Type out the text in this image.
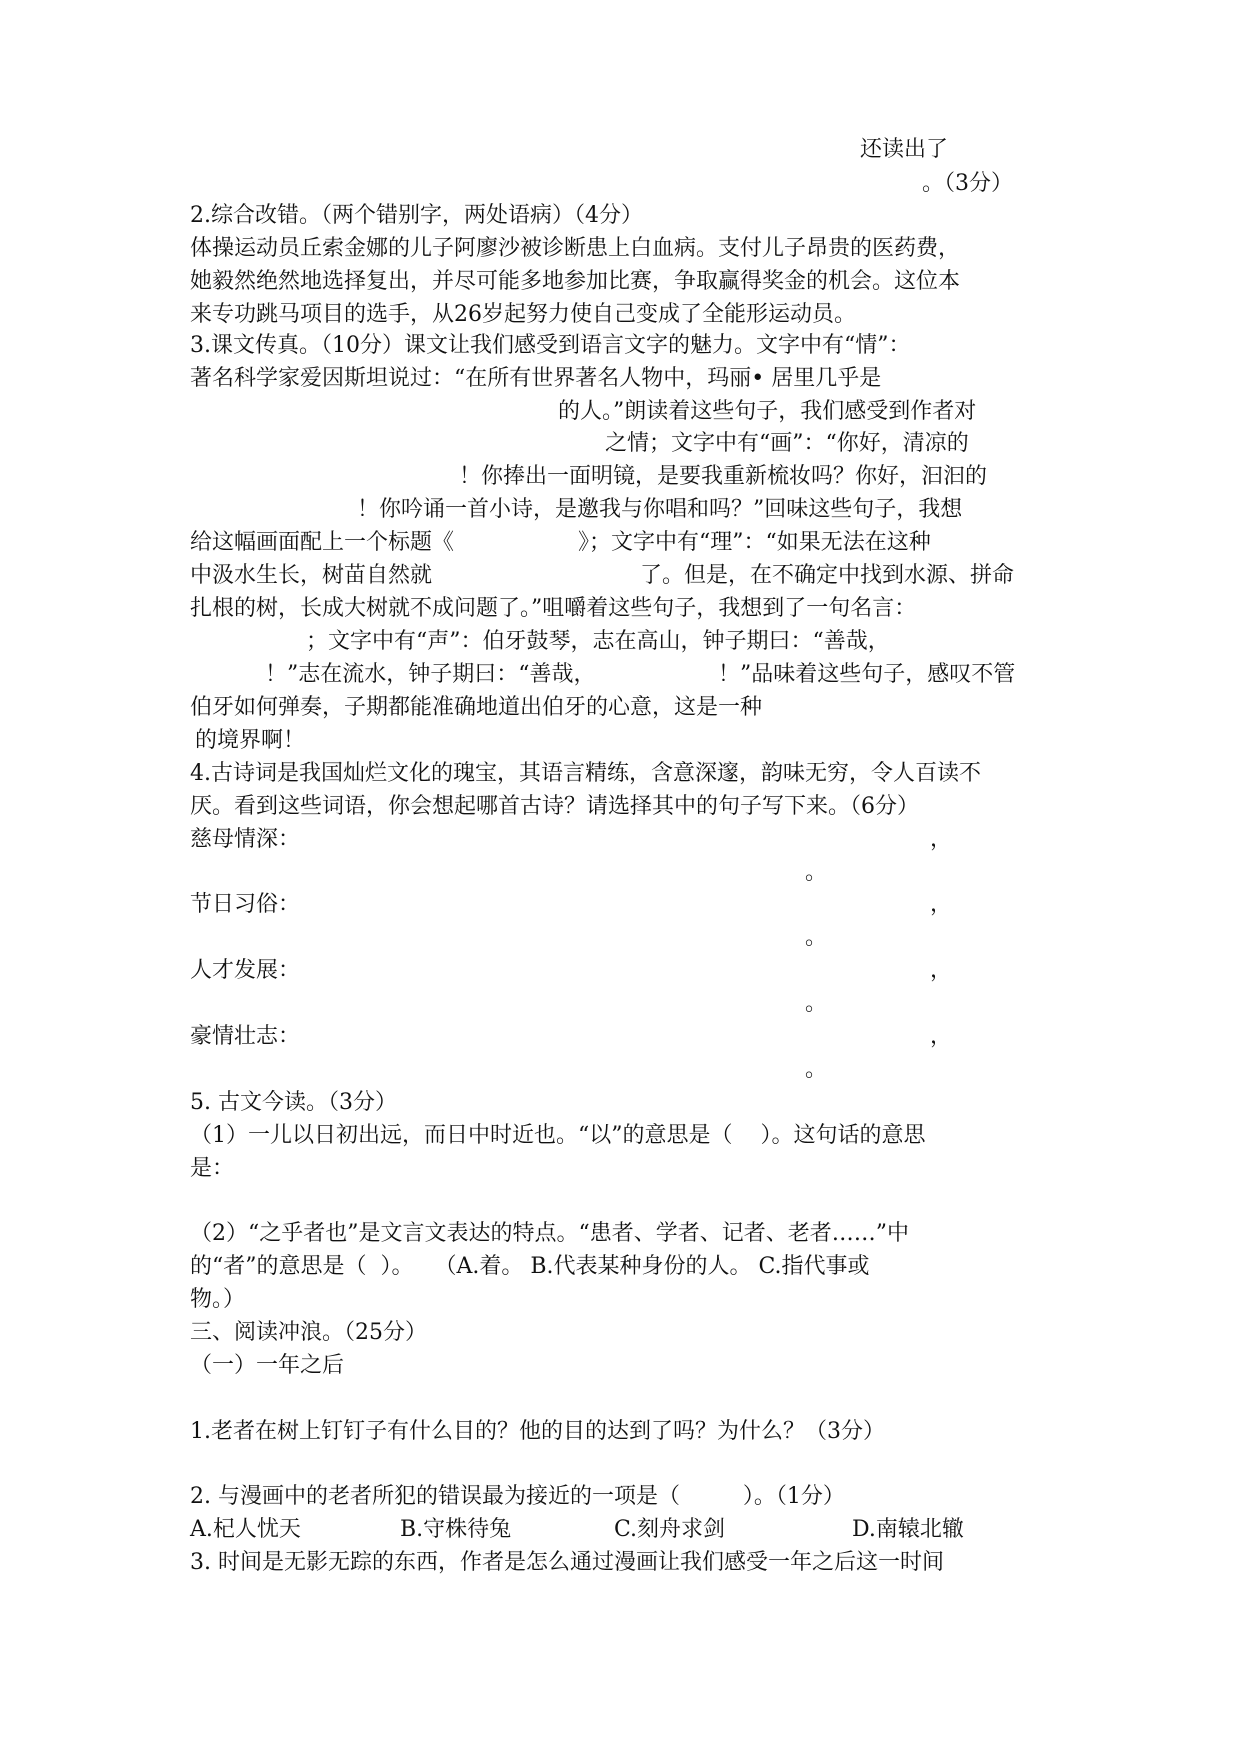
还读出了
。（3分）
2.综合改错。（两个错别字，两处语病）（4分）
体操运动员丘索金娜的儿子阿廖沙被诊断患上白血病。支付儿子昂贵的医药费，
她毅然绝然地选择复出，并尽可能多地参加比赛，争取赢得奖金的机会。这位本
来专功跳马项目的选手，从26岁起努力使自己变成了全能形运动员。
3.课文传真。（10分）课文让我们感受到语言文字的魅力。文字中有“情”：
著名科学家爱因斯坦说过：“在所有世界著名人物中，玛丽• 居里几乎是
的人。”朗读着这些句子，我们感受到作者对
之情；文字中有“画”：“你好，清凉的
！你捧出一面明镜，是要我重新梳妆吗？你好，汩汩的
！你吟诵一首小诗，是邀我与你唱和吗？”回味这些句子，我想
给这幅画面配上一个标题《	》；文字中有“理”：“如果无法在这种
中汲水生长，树苗自然就	了。但是，在不确定中找到水源、拼命
扎根的树，长成大树就不成问题了。”咀嚼着这些句子，我想到了一句名言：
；文字中有“声”：伯牙鼓琴，志在高山，钟子期曰：“善哉，
！”志在流水，钟子期曰：“善哉，	！”品味着这些句子，感叹不管
伯牙如何弹奏，子期都能准确地道出伯牙的心意，这是一种
的境界啊！
4.古诗词是我国灿烂文化的瑰宝，其语言精练，含意深邃，韵味无穷，令人百读不
厌。看到这些词语，你会想起哪首古诗？请选择其中的句子写下来。（6分）
慈母情深：	，
。
节日习俗：	，
。
人才发展：	，
。
豪情壮志：	，
。
5. 古文今读。（3分）
（1）一儿以日初出远，而日中时近也。“以”的意思是（    ）。这句话的意思
是：
（2）“之乎者也”是文言文表达的特点。“患者、学者、记者、老者……”中
的“者”的意思是（  ）。   （A.着。 B.代表某种身份的人。 C.指代事或
物。）
三、阅读冲浪。（25分）
（一）一年之后
1.老者在树上钉钉子有什么目的？他的目的达到了吗？为什么？（3分）
2. 与漫画中的老者所犯的错误最为接近的一项是（         ）。（1分）
A.杞人忧天	B.守株待兔	C.刻舟求剑	D.南辕北辙
3. 时间是无影无踪的东西，作者是怎么通过漫画让我们感受一年之后这一时间
